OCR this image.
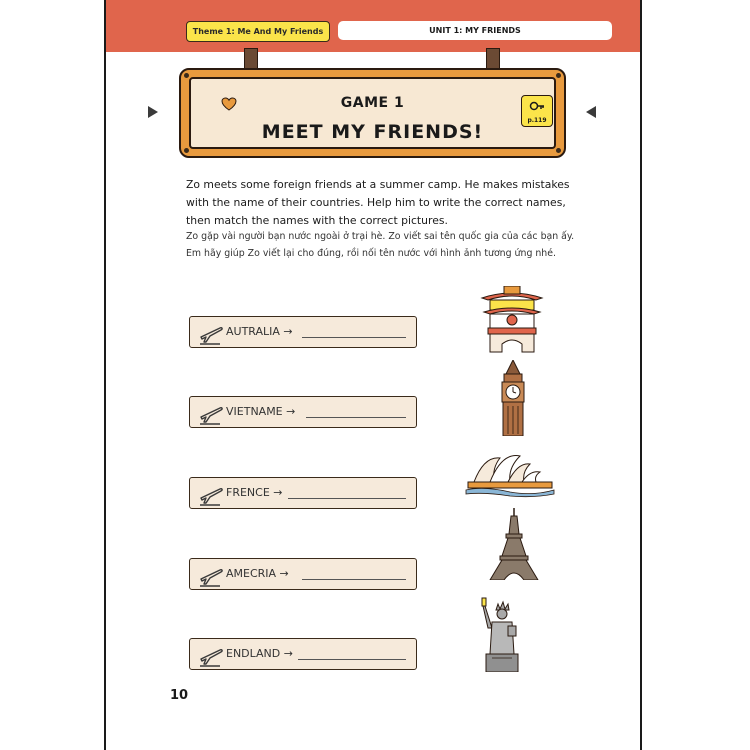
Theme 1: Me And My Friends	UNIT 1: MY FRIENDS
GAME 1
MEET MY FRIENDS!
p.119
Zo meets some foreign friends at a summer camp. He makes mistakes with the name of their countries. Help him to write the correct names, then match the names with the correct pictures.
Zo gặp vài người bạn nước ngoài ở trại hè. Zo viết sai tên quốc gia của các bạn ấy. Em hãy giúp Zo viết lại cho đúng, rồi nối tên nước với hình ảnh tương ứng nhé.
AUTRALIA →
VIETNAME →
FRENCE →
AMECRIA →
ENDLAND →
10
